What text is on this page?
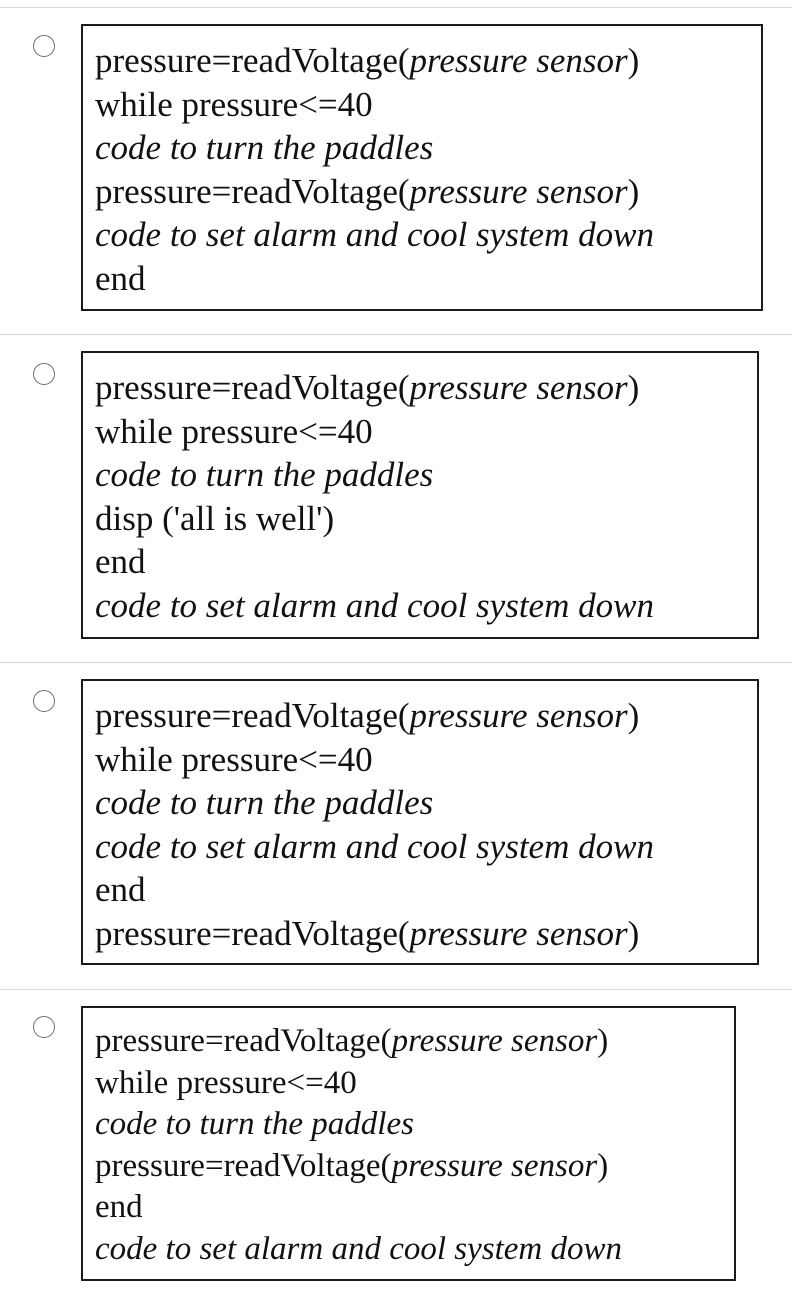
pressure=readVoltage(pressure sensor)
while pressure<=40
code to turn the paddles
pressure=readVoltage(pressure sensor)
code to set alarm and cool system down
end
pressure=readVoltage(pressure sensor)
while pressure<=40
code to turn the paddles
disp ('all is well')
end
code to set alarm and cool system down
pressure=readVoltage(pressure sensor)
while pressure<=40
code to turn the paddles
code to set alarm and cool system down
end
pressure=readVoltage(pressure sensor)
pressure=readVoltage(pressure sensor)
while pressure<=40
code to turn the paddles
pressure=readVoltage(pressure sensor)
end
code to set alarm and cool system down
